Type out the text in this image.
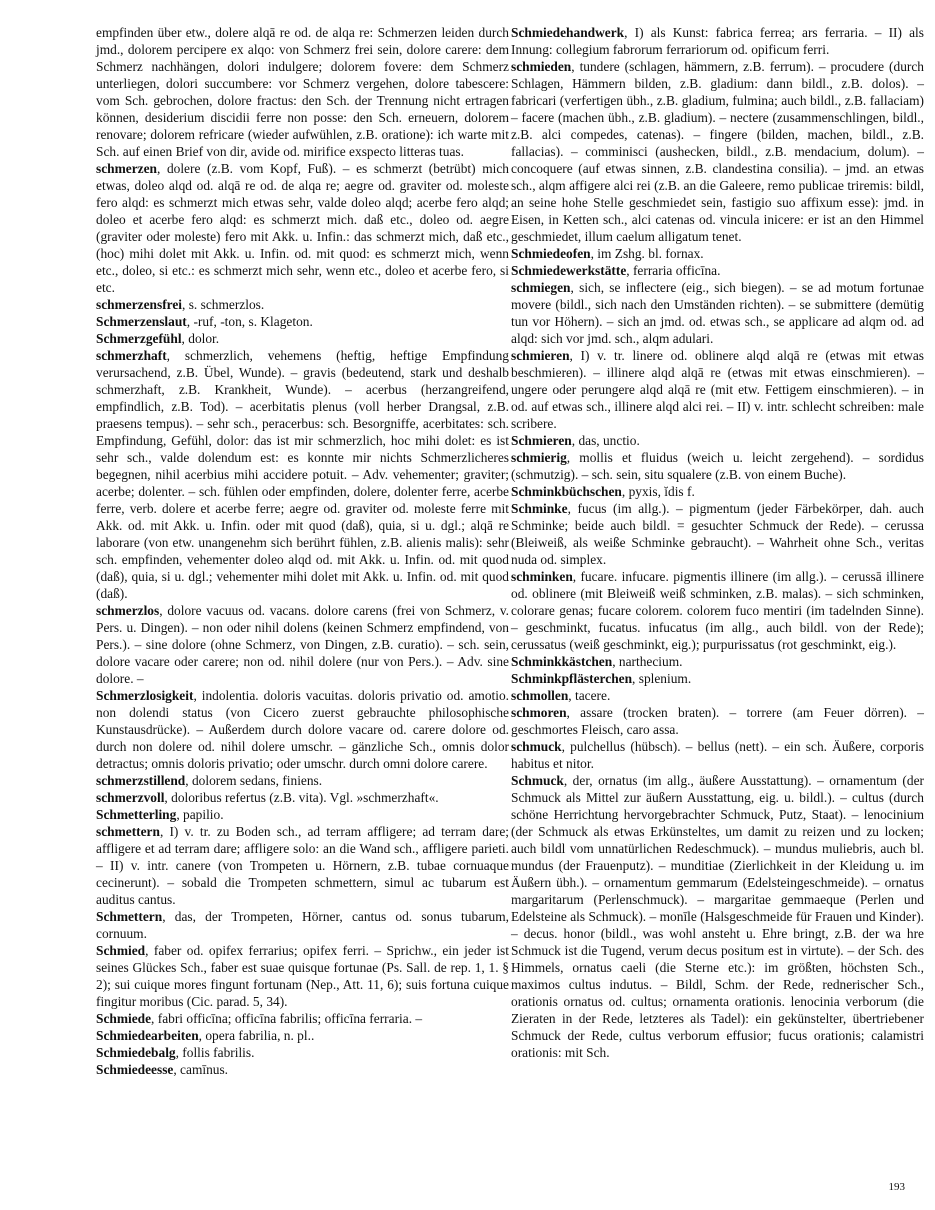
empfinden über etw., dolere alqā re od. de alqa re: Schmerzen leiden durch jmd., dolorem percipere ex alqo: von Schmerz frei sein, dolore carere: dem Schmerz nachhängen, dolori indulgere; dolorem fovere: dem Schmerz unterliegen, dolori succumbere: vor Schmerz vergehen, dolore tabescere: vom Sch. gebrochen, dolore fractus: den Sch. der Trennung nicht ertragen können, desiderium discidii ferre non posse: den Sch. erneuern, dolorem renovare; dolorem refricare (wieder aufwühlen, z.B. oratione): ich warte mit Sch. auf einen Brief von dir, avide od. mirifice exspecto litteras tuas.

schmerzen, dolere (z.B. vom Kopf, Fuß). – es schmerzt (betrübt) mich etwas, doleo alqd od. alqā re od. de alqa re; aegre od. graviter od. moleste fero alqd: es schmerzt mich etwas sehr, valde doleo alqd; acerbe fero alqd; doleo et acerbe fero alqd: es schmerzt mich. daß etc., doleo od. aegre (graviter oder moleste) fero mit Akk. u. Infin.: das schmerzt mich, daß etc., (hoc) mihi dolet mit Akk. u. Infin. od. mit quod: es schmerzt mich, wenn etc., doleo, si etc.: es schmerzt mich sehr, wenn etc., doleo et acerbe fero, si etc.

schmerzensfrei, s. schmerzlos.

Schmerzenslaut, -ruf, -ton, s. Klageton.

Schmerzgefühl, dolor.

schmerzhaft, schmerzlich, vehemens (heftig, heftige Empfindung verursachend, z.B. Übel, Wunde). – gravis (bedeutend, stark und deshalb schmerzhaft, z.B. Krankheit, Wunde). – acerbus (herzangreifend, empfindlich, z.B. Tod). – acerbitatis plenus (voll herber Drangsal, z.B. praesens tempus). – sehr sch., peracerbus: sch. Besorgniffe, acerbitates: sch. Empfindung, Gefühl, dolor: das ist mir schmerzlich, hoc mihi dolet: es ist sehr sch., valde dolendum est: es konnte mir nichts Schmerzlicheres begegnen, nihil acerbius mihi accidere potuit. – Adv. vehementer; graviter; acerbe; dolenter. – sch. fühlen oder empfinden, dolere, dolenter ferre, acerbe ferre, verb. dolere et acerbe ferre; aegre od. graviter od. moleste ferre mit Akk. od. mit Akk. u. Infin. oder mit quod (daß), quia, si u. dgl.; alqā re laborare (von etw. unangenehm sich berührt fühlen, z.B. alienis malis): sehr sch. empfinden, vehementer doleo alqd od. mit Akk. u. Infin. od. mit quod (daß), quia, si u. dgl.; vehementer mihi dolet mit Akk. u. Infin. od. mit quod (daß).

schmerzlos, dolore vacuus od. vacans. dolore carens (frei von Schmerz, v. Pers. u. Dingen). – non oder nihil dolens (keinen Schmerz empfindend, von Pers.). – sine dolore (ohne Schmerz, von Dingen, z.B. curatio). – sch. sein, dolore vacare oder carere; non od. nihil dolere (nur von Pers.). – Adv. sine dolore. –

Schmerzlosigkeit, indolentia. doloris vacuitas. doloris privatio od. amotio. non dolendi status (von Cicero zuerst gebrauchte philosophische Kunstausdrücke). – Außerdem durch dolore vacare od. carere dolore od. durch non dolere od. nihil dolere umschr. – gänzliche Sch., omnis dolor detractus; omnis doloris privatio; oder umschr. durch omni dolore carere.

schmerzstillend, dolorem sedans, finiens.

schmerzvoll, doloribus refertus (z.B. vita). Vgl. »schmerzhaft«.

Schmetterling, papilio.

schmettern, I) v. tr. zu Boden sch., ad terram affligere; ad terram dare; affligere et ad terram dare; affligere solo: an die Wand sch., affligere parieti. – II) v. intr. canere (von Trompeten u. Hörnern, z.B. tubae cornuaque cecinerunt). – sobald die Trompeten schmettern, simul ac tubarum est auditus cantus.

Schmettern, das, der Trompeten, Hörner, cantus od. sonus tubarum, cornuum.

Schmied, faber od. opifex ferrarius; opifex ferri. – Sprichw., ein jeder ist seines Glückes Sch., faber est suae quisque fortunae (Ps. Sall. de rep. 1, 1. § 2); sui cuique mores fingunt fortunam (Nep., Att. 11, 6); suis fortuna cuique fingitur moribus (Cic. parad. 5, 34).

Schmiede, fabri officīna; officīna fabrilis; officīna ferraria. –

Schmiedearbeiten, opera fabrilia, n. pl..

Schmiedebalg, follis fabrilis.

Schmiedeesse, camīnus.

Schmiedehandwerk, I) als Kunst: fabrica ferrea; ars ferraria. – II) als Innung: collegium fabrorum ferrariorum od. opificum ferri.

schmieden, tundere (schlagen, hämmern, z.B. ferrum). – procudere (durch Schlagen, Hämmern bilden, z.B. gladium: dann bildl., z.B. dolos). – fabricari (verfertigen übh., z.B. gladium, fulmina; auch bildl., z.B. fallaciam) – facere (machen übh., z.B. gladium). – nectere (zusammenschlingen, bildl., z.B. alci compedes, catenas). – fingere (bilden, machen, bildl., z.B. fallacias). – comminisci (aushecken, bildl., z.B. mendacium, dolum). – concoquere (auf etwas sinnen, z.B. clandestina consilia). – jmd. an etwas sch., alqm affigere alci rei (z.B. an die Galeere, remo publicae triremis: bildl, an seine hohe Stelle geschmiedet sein, fastigio suo affixum esse): jmd. in Eisen, in Ketten sch., alci catenas od. vincula inicere: er ist an den Himmel geschmiedet, illum caelum alligatum tenet.

Schmiedeofen, im Zshg. bl. fornax.

Schmiedewerkstätte, ferraria officīna.

schmiegen, sich, se inflectere (eig., sich biegen). – se ad motum fortunae movere (bildl., sich nach den Umständen richten). – se submittere (demütig tun vor Höhern). – sich an jmd. od. etwas sch., se applicare ad alqm od. ad alqd: sich vor jmd. sch., alqm adulari.

schmieren, I) v. tr. linere od. oblinere alqd alqā re (etwas mit etwas beschmieren). – illinere alqd alqā re (etwas mit etwas einschmieren). – ungere oder perungere alqd alqā re (mit etw. Fettigem einschmieren). – in od. auf etwas sch., illinere alqd alci rei. – II) v. intr. schlecht schreiben: male scribere.

Schmieren, das, unctio.

schmierig, mollis et fluidus (weich u. leicht zergehend). – sordidus (schmutzig). – sch. sein, situ squalere (z.B. von einem Buche).

Schminkbüchschen, pyxis, ĭdis f.

Schminke, fucus (im allg.). – pigmentum (jeder Färbekörper, dah. auch Schminke; beide auch bildl. = gesuchter Schmuck der Rede). – cerussa (Bleiweiß, als weiße Schminke gebraucht). – Wahrheit ohne Sch., veritas nuda od. simplex.

schminken, fucare. infucare. pigmentis illinere (im allg.). – cerussā illinere od. oblinere (mit Bleiweiß weiß schminken, z.B. malas). – sich schminken, colorare genas; fucare colorem. colorem fuco mentiri (im tadelnden Sinne). – geschminkt, fucatus. infucatus (im allg., auch bildl. von der Rede); cerussatus (weiß geschminkt, eig.); purpurissatus (rot geschminkt, eig.).

Schminkkästchen, narthecium.

Schminkpflästerchen, splenium.

schmollen, tacere.

schmoren, assare (trocken braten). – torrere (am Feuer dörren). – geschmortes Fleisch, caro assa.

schmuck, pulchellus (hübsch). – bellus (nett). – ein sch. Äußere, corporis habitus et nitor.

Schmuck, der, ornatus (im allg., äußere Ausstattung). – ornamentum (der Schmuck als Mittel zur äußern Ausstattung, eig. u. bildl.). – cultus (durch schöne Herrichtung hervorgebrachter Schmuck, Putz, Staat). – lenocinium (der Schmuck als etwas Erkünsteltes, um damit zu reizen und zu locken; auch bildl vom unnatürlichen Redeschmuck). – mundus muliebris, auch bl. mundus (der Frauenputz). – munditiae (Zierlichkeit in der Kleidung u. im Äußern übh.). – ornamentum gemmarum (Edelsteingeschmeide). – ornatus margaritarum (Perlenschmuck). – margaritae gemmaeque (Perlen und Edelsteine als Schmuck). – monīle (Halsgeschmeide für Frauen und Kinder). – decus. honor (bildl., was wohl ansteht u. Ehre bringt, z.B. der wa hre Schmuck ist die Tugend, verum decus positum est in virtute). – der Sch. des Himmels, ornatus caeli (die Sterne etc.): im größten, höchsten Sch., maximos cultus indutus. – Bildl, Schm. der Rede, rednerischer Sch., orationis ornatus od. cultus; ornamenta orationis. lenocinia verborum (die Zieraten in der Rede, letzteres als Tadel): ein gekünstelter, übertriebener Schmuck der Rede, cultus verborum effusior; fucus orationis; calamistri orationis: mit Sch.

193
